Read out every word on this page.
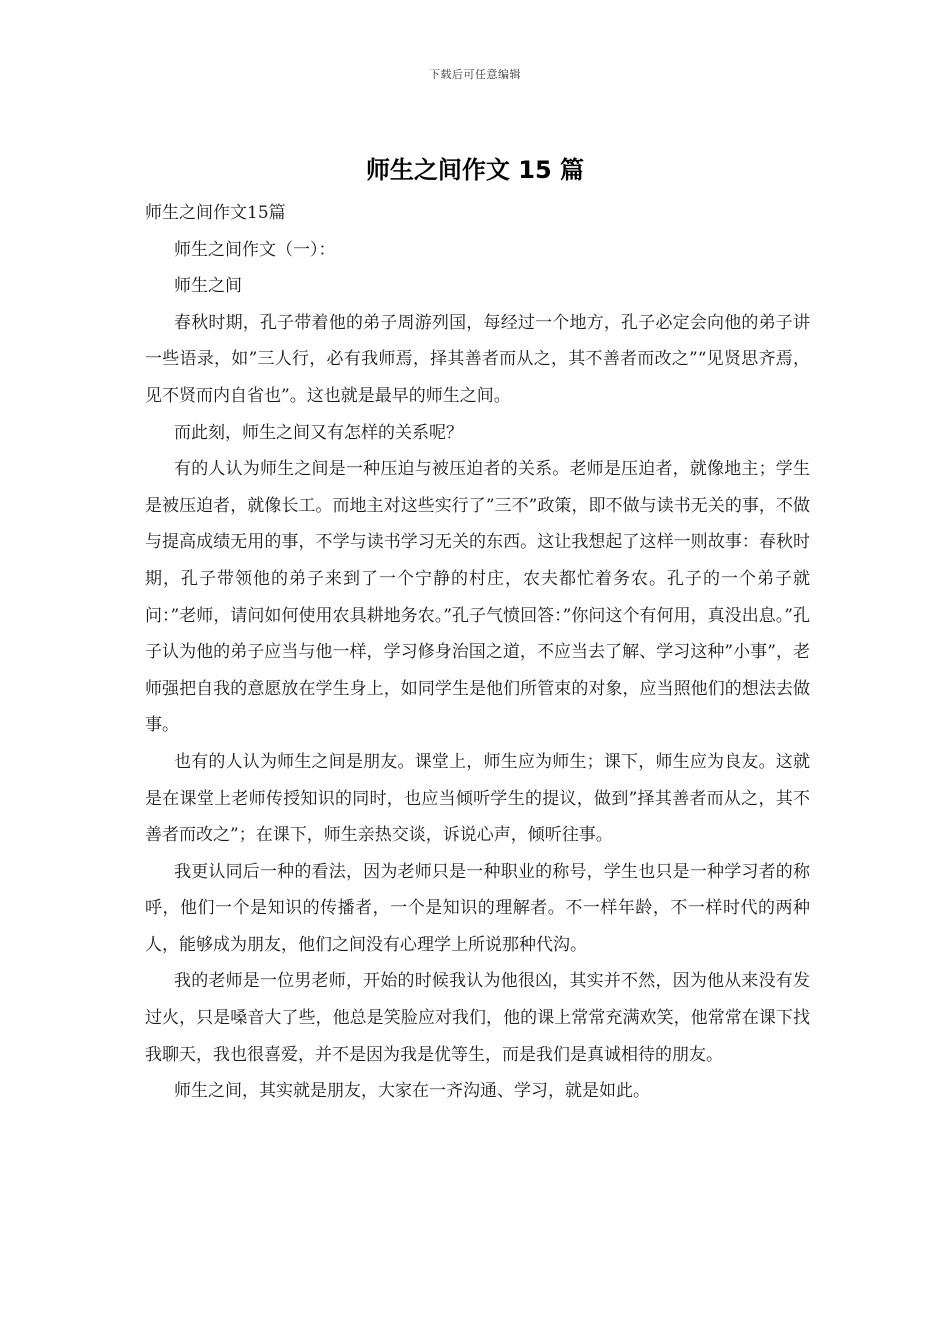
下载后可任意编辑
师生之间作文 15 篇

师生之间作文15篇

师生之间作文（一）：

师生之间

春秋时期，孔子带着他的弟子周游列国，每经过一个地方，孔子必定会向他的弟子讲一些语录，如”三人行，必有我师焉，择其善者而从之，其不善者而改之”“见贤思齐焉，见不贤而内自省也”。这也就是最早的师生之间。

而此刻，师生之间又有怎样的关系呢？

有的人认为师生之间是一种压迫与被压迫者的关系。老师是压迫者，就像地主；学生是被压迫者，就像长工。而地主对这些实行了”三不”政策，即不做与读书无关的事，不做与提高成绩无用的事，不学与读书学习无关的东西。这让我想起了这样一则故事：春秋时期，孔子带领他的弟子来到了一个宁静的村庄，农夫都忙着务农。孔子的一个弟子就问：”老师，请问如何使用农具耕地务农。”孔子气愤回答：”你问这个有何用，真没出息。”孔子认为他的弟子应当与他一样，学习修身治国之道，不应当去了解、学习这种”小事”，老师强把自我的意愿放在学生身上，如同学生是他们所管束的对象，应当照他们的想法去做事。

也有的人认为师生之间是朋友。课堂上，师生应为师生；课下，师生应为良友。这就是在课堂上老师传授知识的同时，也应当倾听学生的提议，做到”择其善者而从之，其不善者而改之”；在课下，师生亲热交谈，诉说心声，倾听往事。

我更认同后一种的看法，因为老师只是一种职业的称号，学生也只是一种学习者的称呼，他们一个是知识的传播者，一个是知识的理解者。不一样年龄，不一样时代的两种人，能够成为朋友，他们之间没有心理学上所说那种代沟。

我的老师是一位男老师，开始的时候我认为他很凶，其实并不然，因为他从来没有发过火，只是嗓音大了些，他总是笑脸应对我们，他的课上常常充满欢笑，他常常在课下找我聊天，我也很喜爱，并不是因为我是优等生，而是我们是真诚相待的朋友。

师生之间，其实就是朋友，大家在一齐沟通、学习，就是如此。
